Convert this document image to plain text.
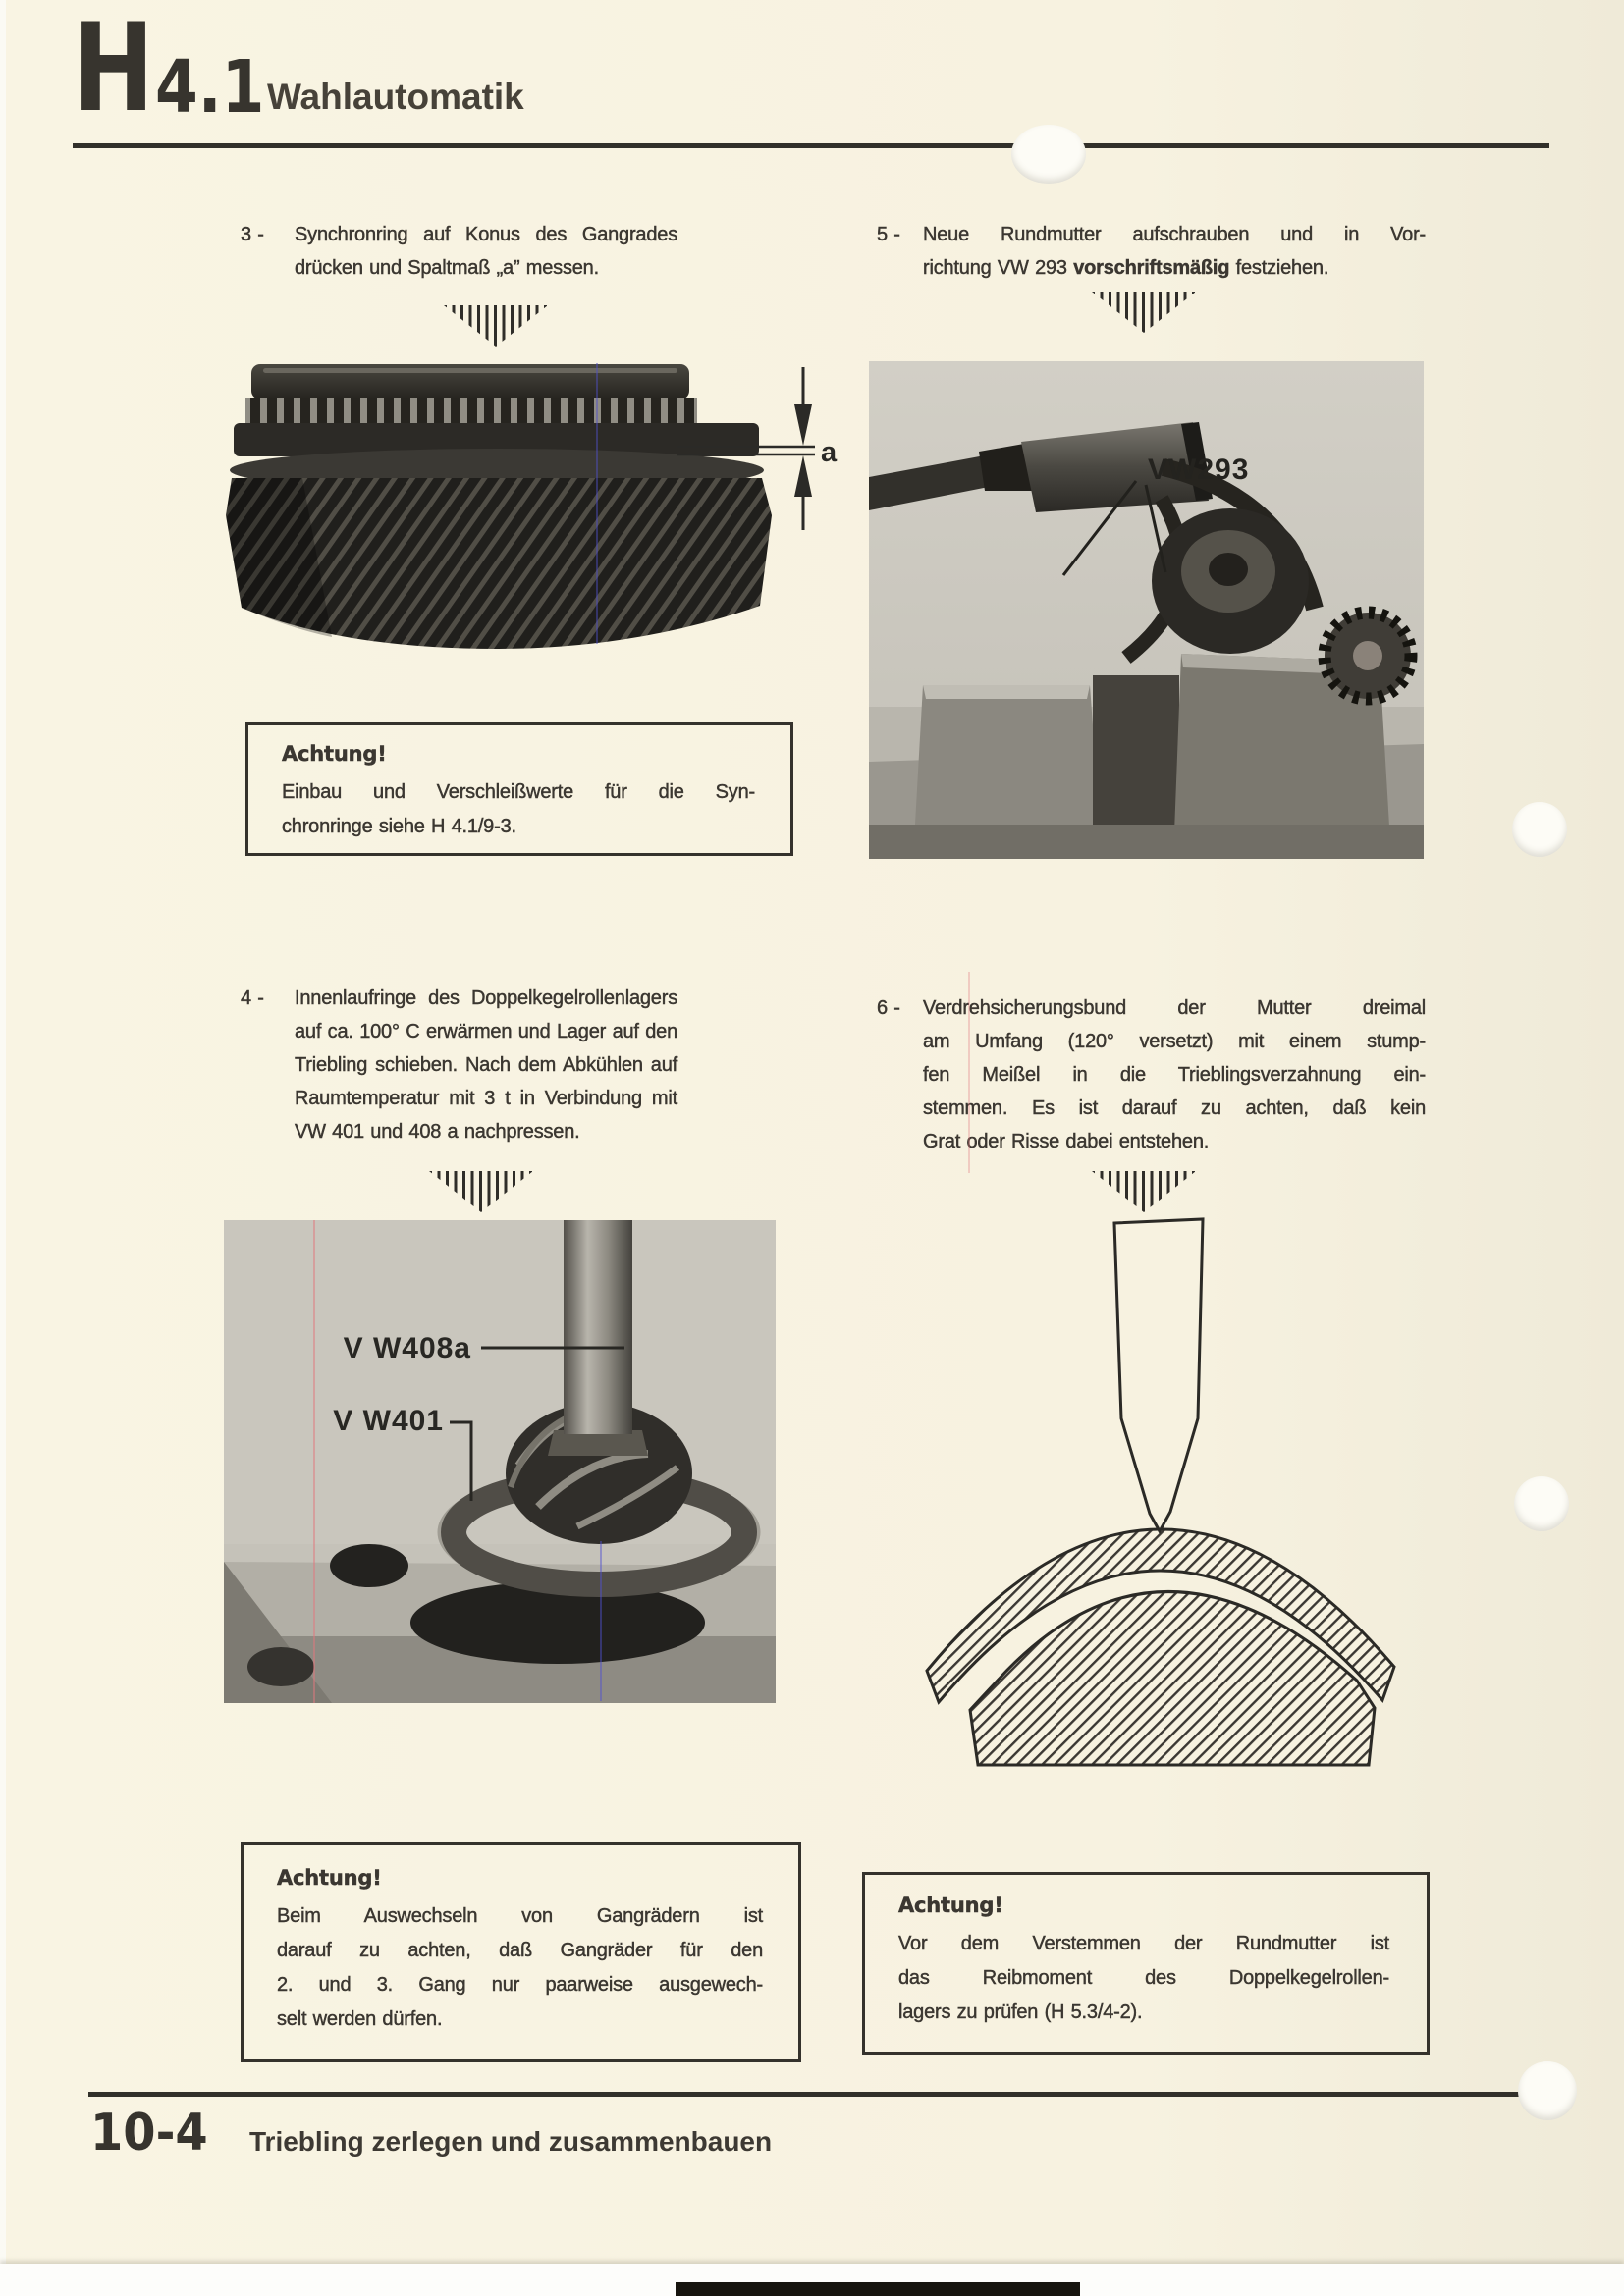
H 4.1 Wahlautomatik
3 -	Synchronring auf Konus des Gangrades
drücken und Spaltmaß „a” messen.
5 -	Neue Rundmutter aufschrauben und in Vor-
richtung VW 293 vorschriftsmäßig festziehen.
a
VW293
Achtung!
Einbau und Verschleißwerte für die Syn-
chronringe siehe H 4.1/9-3.
4 -	Innenlaufringe des Doppelkegelrollenlagers
auf ca. 100° C erwärmen und Lager auf den
Triebling schieben. Nach dem Abkühlen auf
Raumtemperatur mit 3 t in Verbindung mit
VW 401 und 408 a nachpressen.
6 -	Verdrehsicherungsbund der Mutter dreimal
am Umfang (120° versetzt) mit einem stump-
fen Meißel in die Trieblingsverzahnung ein-
stemmen. Es ist darauf zu achten, daß kein
Grat oder Risse dabei entstehen.
V W408a
V W401
Achtung!
Beim Auswechseln von Gangrädern ist
darauf zu achten, daß Gangräder für den
2. und 3. Gang nur paarweise ausgewech-
selt werden dürfen.
Achtung!
Vor dem Verstemmen der Rundmutter ist
das Reibmoment des Doppelkegelrollen-
lagers zu prüfen (H 5.3/4-2).
10-4 Triebling zerlegen und zusammenbauen
